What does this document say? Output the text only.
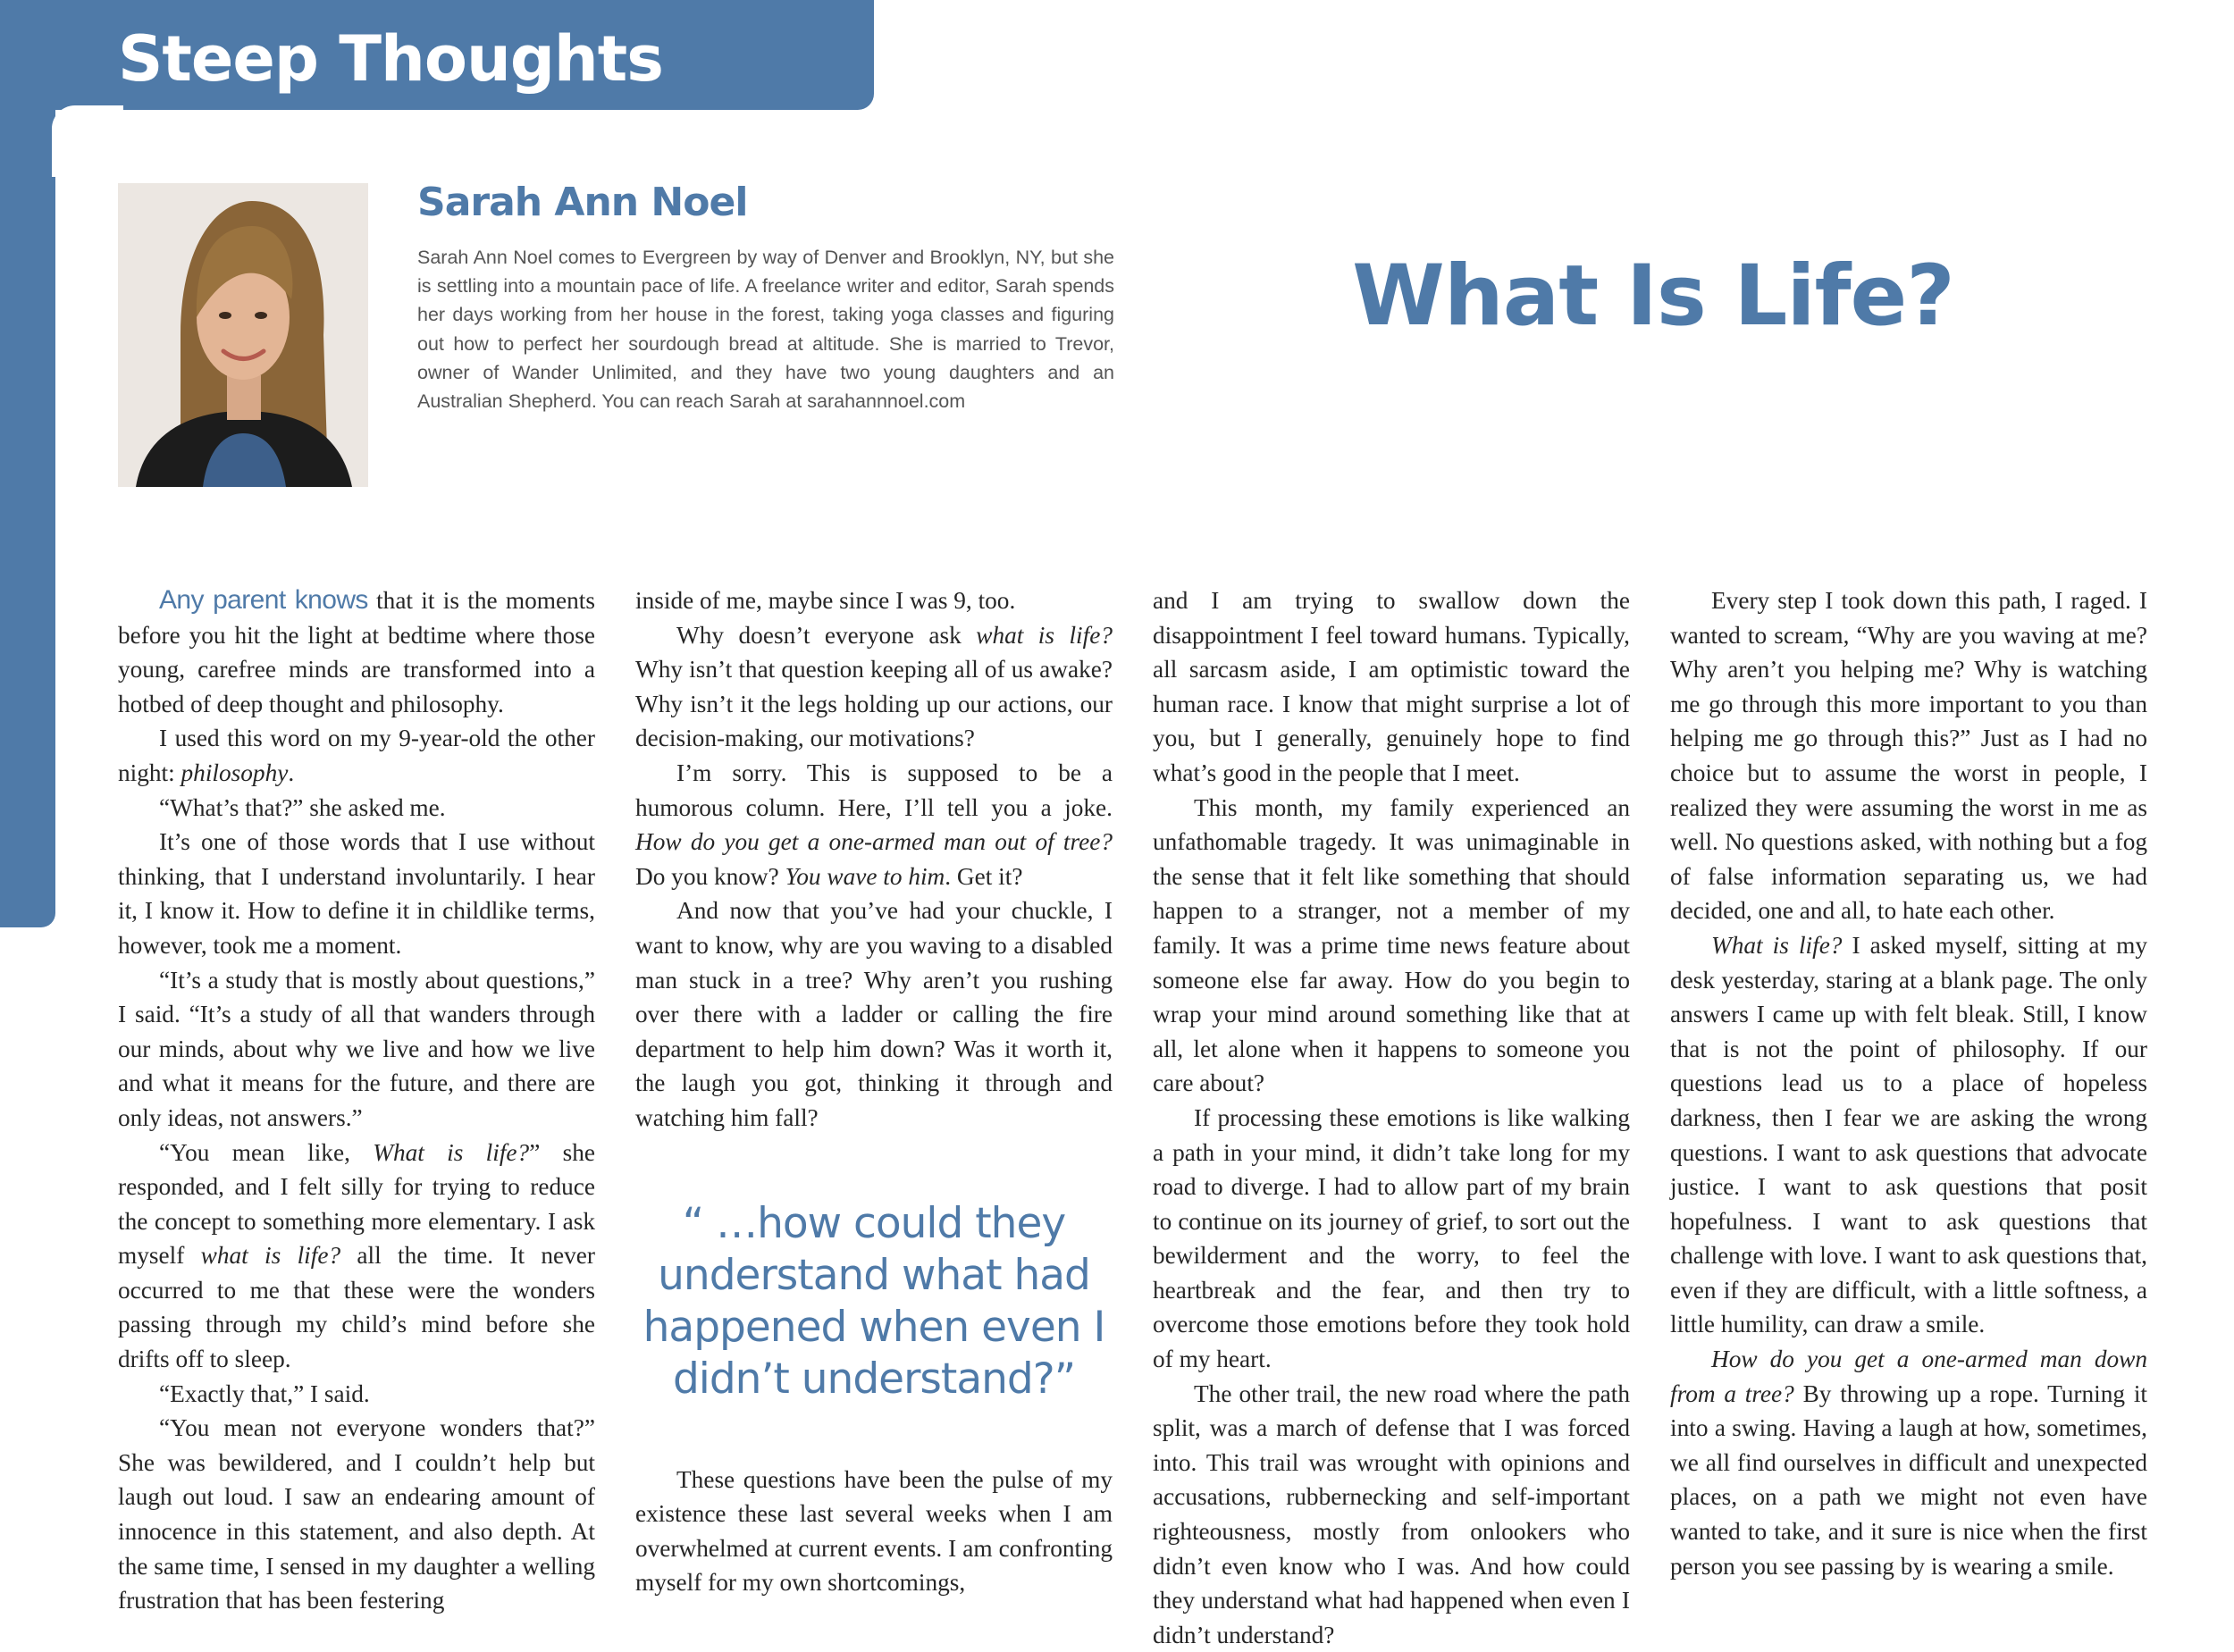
Steep Thoughts
Sarah Ann Noel

Sarah Ann Noel comes to Evergreen by way of Denver and Brooklyn, NY, but she is settling into a mountain pace of life. A freelance writer and editor, Sarah spends her days working from her house in the forest, taking yoga classes and figuring out how to perfect her sourdough bread at altitude. She is married to Trevor, owner of Wander Unlimited, and they have two young daughters and an Australian Shepherd. You can reach Sarah at sarahannnoel.com

What Is Life?

Any parent knows that it is the moments before you hit the light at bedtime where those young, carefree minds are transformed into a hotbed of deep thought and philosophy.

I used this word on my 9-year-old the other night: philosophy.

“What’s that?” she asked me.

It’s one of those words that I use without thinking, that I understand involuntarily. I hear it, I know it. How to define it in childlike terms, however, took me a moment.

“It’s a study that is mostly about questions,” I said. “It’s a study of all that wanders through our minds, about why we live and how we live and what it means for the future, and there are only ideas, not answers.”

“You mean like, What is life?” she responded, and I felt silly for trying to reduce the concept to something more elementary. I ask myself what is life? all the time. It never occurred to me that these were the wonders passing through my child’s mind before she drifts off to sleep.

“Exactly that,” I said.

“You mean not everyone wonders that?” She was bewildered, and I couldn’t help but laugh out loud. I saw an endearing amount of innocence in this statement, and also depth. At the same time, I sensed in my daughter a welling frustration that has been festering

inside of me, maybe since I was 9, too.

Why doesn’t everyone ask what is life? Why isn’t that question keeping all of us awake? Why isn’t it the legs holding up our actions, our decision-making, our motivations?

I’m sorry. This is supposed to be a humorous column. Here, I’ll tell you a joke. How do you get a one-armed man out of tree? Do you know? You wave to him. Get it?

And now that you’ve had your chuckle, I want to know, why are you waving to a disabled man stuck in a tree? Why aren’t you rushing over there with a ladder or calling the fire department to help him down? Was it worth it, the laugh you got, thinking it through and watching him fall?

“ …how could they understand what had happened when even I didn’t understand?”

These questions have been the pulse of my existence these last several weeks when I am overwhelmed at current events. I am confronting myself for my own shortcomings,

and I am trying to swallow down the disappointment I feel toward humans. Typically, all sarcasm aside, I am optimistic toward the human race. I know that might surprise a lot of you, but I generally, genuinely hope to find what’s good in the people that I meet.

This month, my family experienced an unfathomable tragedy. It was unimaginable in the sense that it felt like something that should happen to a stranger, not a member of my family. It was a prime time news feature about someone else far away. How do you begin to wrap your mind around something like that at all, let alone when it happens to someone you care about?

If processing these emotions is like walking a path in your mind, it didn’t take long for my road to diverge. I had to allow part of my brain to continue on its journey of grief, to sort out the bewilderment and the worry, to feel the heartbreak and the fear, and then try to overcome those emotions before they took hold of my heart.

The other trail, the new road where the path split, was a march of defense that I was forced into. This trail was wrought with opinions and accusations, rubbernecking and self-important righteousness, mostly from onlookers who didn’t even know who I was. And how could they understand what had happened when even I didn’t understand?

Every step I took down this path, I raged. I wanted to scream, “Why are you waving at me? Why aren’t you helping me? Why is watching me go through this more important to you than helping me go through this?” Just as I had no choice but to assume the worst in people, I realized they were assuming the worst in me as well. No questions asked, with nothing but a fog of false information separating us, we had decided, one and all, to hate each other.

What is life? I asked myself, sitting at my desk yesterday, staring at a blank page. The only answers I came up with felt bleak. Still, I know that is not the point of philosophy. If our questions lead us to a place of hopeless darkness, then I fear we are asking the wrong questions. I want to ask questions that advocate justice. I want to ask questions that posit hopefulness. I want to ask questions that challenge with love. I want to ask questions that, even if they are difficult, with a little softness, a little humility, can draw a smile.

How do you get a one-armed man down from a tree? By throwing up a rope. Turning it into a swing. Having a laugh at how, sometimes, we all find ourselves in difficult and unexpected places, on a path we might not even have wanted to take, and it sure is nice when the first person you see passing by is wearing a smile.
